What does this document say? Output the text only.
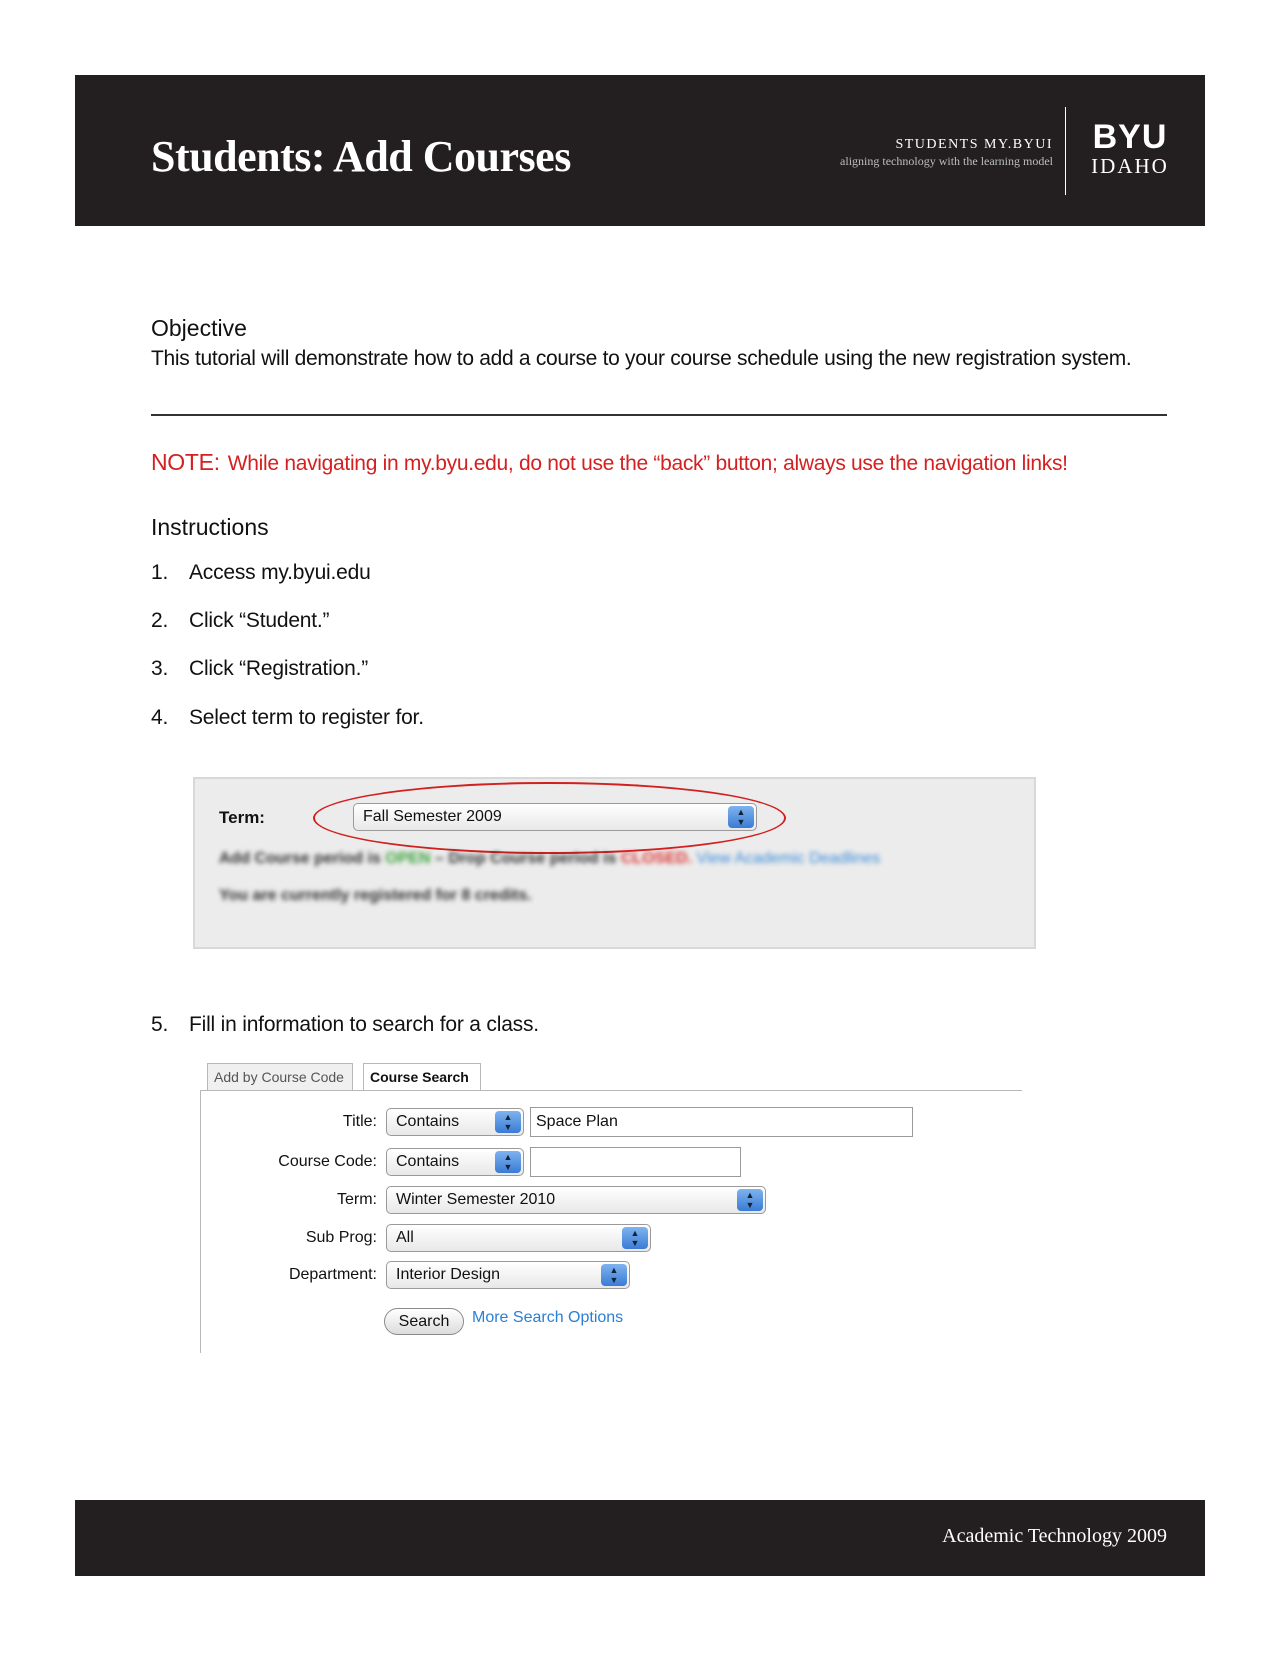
Students: Add Courses	STUDENTS MY.BYUI
aligning technology with the learning model
BYU
IDAHO
Objective
This tutorial will demonstrate how to add a course to your course schedule using the new registration system.
NOTE: While navigating in my.byu.edu, do not use the “back” button; always use the navigation links!
Instructions
1. Access my.byui.edu
2. Click “Student.”
3. Click “Registration.”
4. Select term to register for.
Term:	Fall Semester 2009	▲
▼
Add Course period is OPEN – Drop Course period is CLOSED. View Academic Deadlines
You are currently registered for 8 credits.
5. Fill in information to search for a class.
Add by Course Code	Course Search
Title:	Contains	▲
▼	Space Plan
Course Code:	Contains	▲
▼
Term:	Winter Semester 2010	▲
▼
Sub Prog:	All	▲
▼
Department:	Interior Design	▲
▼
Search	More Search Options
Academic Technology 2009
